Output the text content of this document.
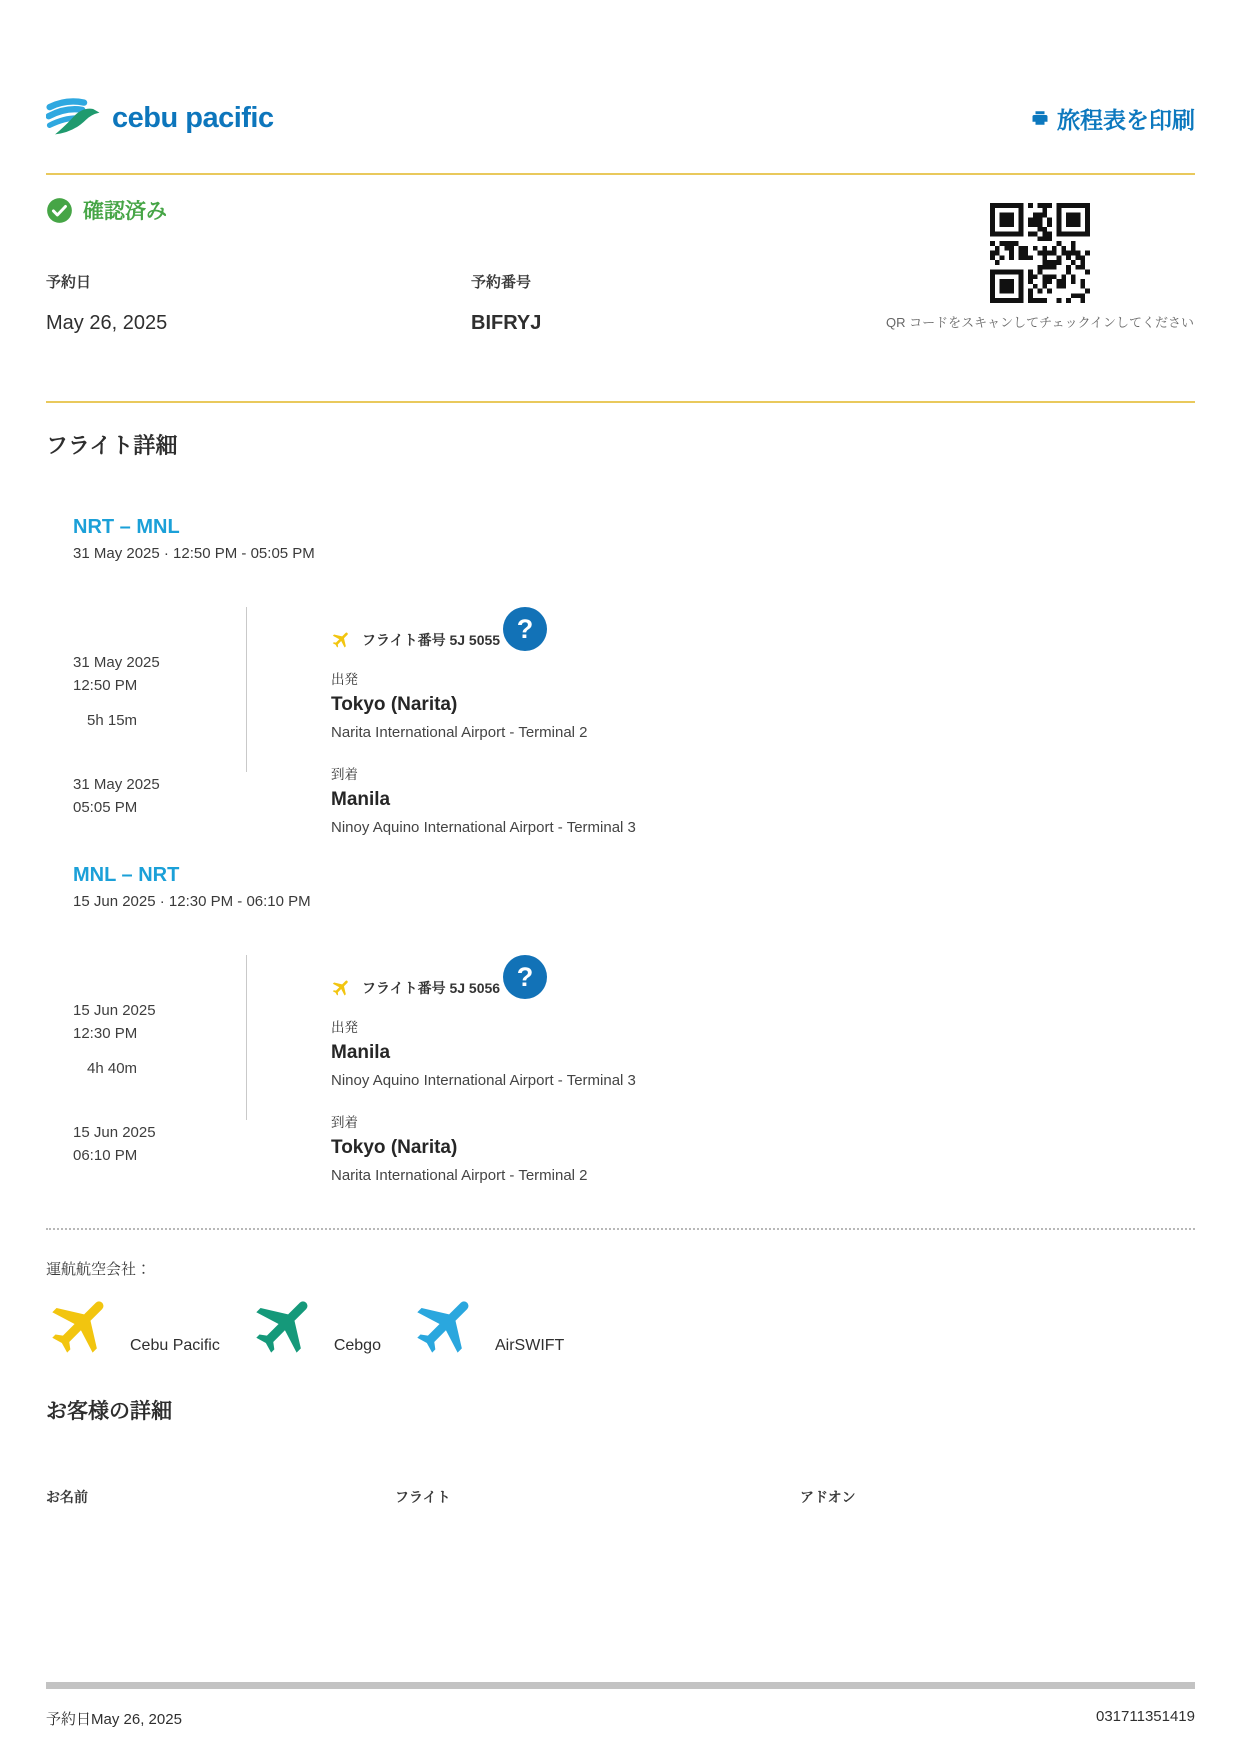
cebu pacific	旅程表を印刷
確認済み
予約日
May 26, 2025
予約番号
BIFRYJ	QR コードをスキャンしてチェックインしてください
フライト詳細
NRT – MNL
31 May 2025 · 12:50 PM - 05:05 PM
31 May 2025
12:50 PM
5h 15m
31 May 2025
05:05 PM
フライト番号 5J 5055 ?
出発
Tokyo (Narita)
Narita International Airport - Terminal 2
到着
Manila
Ninoy Aquino International Airport - Terminal 3
MNL – NRT
15 Jun 2025 · 12:30 PM - 06:10 PM
15 Jun 2025
12:30 PM
4h 40m
15 Jun 2025
06:10 PM
フライト番号 5J 5056 ?
出発
Manila
Ninoy Aquino International Airport - Terminal 3
到着
Tokyo (Narita)
Narita International Airport - Terminal 2
運航航空会社：
Cebu Pacific	Cebgo	AirSWIFT
お客様の詳細
お名前	フライト	アドオン
予約日May 26, 2025	031711351419
